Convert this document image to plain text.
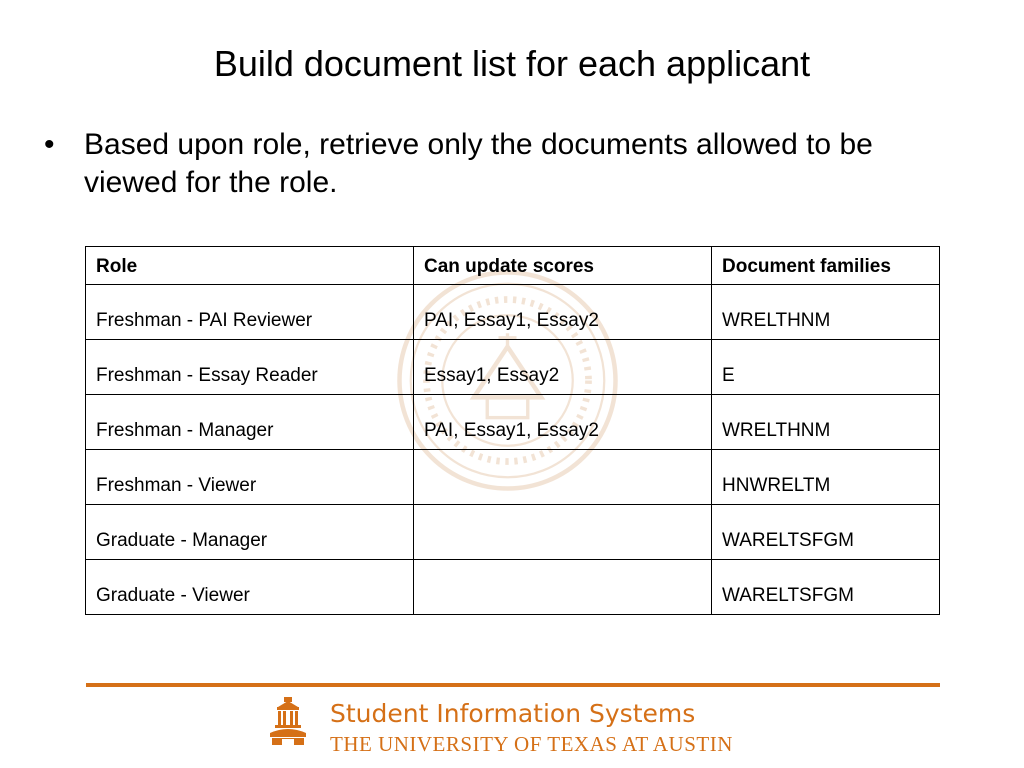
Build document list for each applicant
• Based upon role, retrieve only the documents allowed to be viewed for the role.
Role	Can update scores	Document families
Freshman - PAI Reviewer	PAI, Essay1, Essay2	WRELTHNM
Freshman - Essay Reader	Essay1, Essay2	E
Freshman - Manager	PAI, Essay1, Essay2	WRELTHNM
Freshman - Viewer		HNWRELTM
Graduate - Manager		WARELTSFGM
Graduate - Viewer		WARELTSFGM
Student Information Systems
THE UNIVERSITY OF TEXAS AT AUSTIN
